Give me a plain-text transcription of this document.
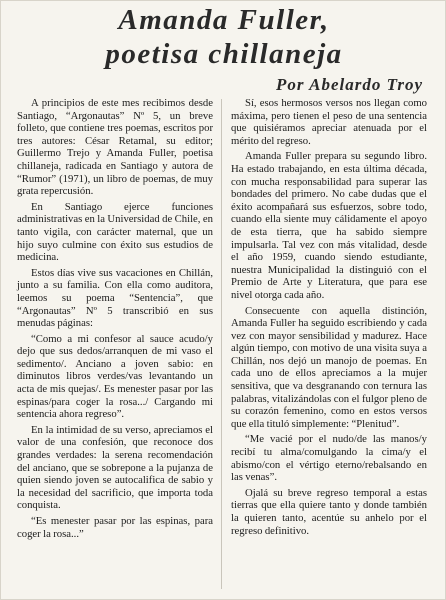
Amanda Fuller,
poetisa chillaneja
Por Abelardo Troy

A principios de este mes recibimos desde Santiago, “Argonautas” Nº 5, un breve folleto, que contiene tres poemas, escritos por tres autores: César Retamal, su editor; Guillermo Trejo y Amanda Fuller, poetisa chillaneja, radicada en Santiago y autora de “Rumor” (1971), un libro de poemas, de muy grata repercusión.

En Santiago ejerce funciones administrativas en la Universidad de Chile, en tanto vigila, con carácter maternal, que un hijo suyo culmine con éxito sus estudios de medicina.

Estos días vive sus vacaciones en Chillán, junto a su familia. Con ella como auditora, leemos su poema “Sentencia”, que “Argonautas” Nº 5 transcribió en sus menudas páginas:

“Como a mi confesor al sauce acudo/y dejo que sus dedos/arranquen de mi vaso el sedimento/. Anciano a joven sabio: en diminutos libros verdes/vas levantando un acta de mis quejas/. Es menester pasar por las espinas/para coger la rosa.../ Cargando mi sentencia ahora regreso”.

En la intimidad de su verso, apreciamos el valor de una confesión, que reconoce dos grandes verdades: la serena recomendación del anciano, que se sobrepone a la pujanza de quien siendo joven se autocalifica de sabio y la necesidad del sacrificio, que importa toda conquista.

“Es menester pasar por las espinas, para coger la rosa...”

Sí, esos hermosos versos nos llegan como máxima, pero tienen el peso de una sentencia que quisiéramos apreciar atenuada por el mérito del regreso.

Amanda Fuller prepara su segundo libro. Ha estado trabajando, en esta última década, con mucha responsabilidad para superar las bondades del primero. No cabe dudas que el éxito acompañará sus esfuerzos, sobre todo, cuando ella siente muy cálidamente el apoyo de esta tierra, que ha sabido siempre impulsarla. Tal vez con más vitalidad, desde el año 1959, cuando siendo estudiante, nuestra Municipalidad la distinguió con el Premio de Arte y Literatura, que para ese nivel otorga cada año.

Consecuente con aquella distinción, Amanda Fuller ha seguido escribiendo y cada vez con mayor sensibilidad y madurez. Hace algún tiempo, con motivo de una visita suya a Chillán, nos dejó un manojo de poemas. En cada uno de ellos apreciamos a la mujer sensitiva, que va desgranando con ternura las palabras, vitalizándolas con el fulgor pleno de su corazón femenino, como en estos versos que ella tituló simplemente: “Plenitud”.

“Me vacié por el nudo/de las manos/y recibí tu alma/comulgando la cima/y el abismo/con el vértigo eterno/rebalsando en las venas”.

Ojalá su breve regreso temporal a estas tierras que ella quiere tanto y donde también la quieren tanto, acentúe su anhelo por el regreso definitivo.
